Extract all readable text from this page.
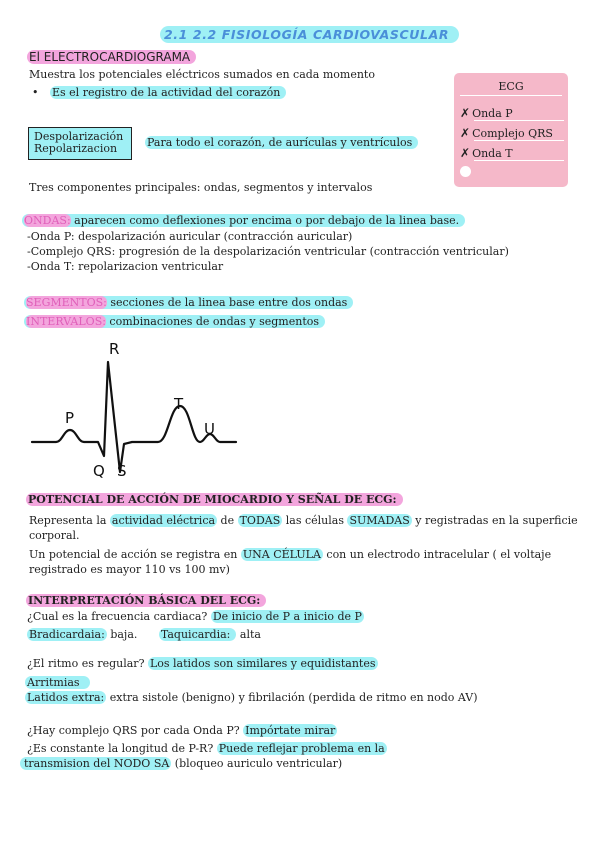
2.1 2.2 FISIOLOGÍA CARDIOVASCULAR
El ELECTROCARDIOGRAMA
Muestra los potenciales eléctricos sumados en cada momento
• Es el registro de la actividad del corazón	ECG
✗ Onda P
✗ Complejo QRS
✗ Onda T
Despolarización
Repolarizacion	Para todo el corazón, de aurículas y ventrículos
Tres componentes principales: ondas, segmentos y intervalos
ONDAS: aparecen como deflexiones por encima o por debajo de la linea base.
-Onda P: despolarización auricular (contracción auricular)
-Complejo QRS: progresión de la despolarización ventricular (contracción ventricular)
-Onda T: repolarizacion ventricular
SEGMENTOS: secciones de la linea base entre dos ondas
INTERVALOS: combinaciones de ondas y segmentos
R
P
T
U
Q S
POTENCIAL DE ACCIÓN DE MIOCARDIO Y SEÑAL DE ECG:
Representa la actividad eléctrica de TODAS las células SUMADAS y registradas en la superficie
corporal.
Un potencial de acción se registra en UNA CÉLULA con un electrodo intracelular ( el voltaje
registrado es mayor 110 vs 100 mv)
INTERPRETACIÓN BÁSICA DEL ECG:
¿Cual es la frecuencia cardiaca? De inicio de P a inicio de P
Bradicardaia: baja. Taquicardia: alta
¿El ritmo es regular? Los latidos son similares y equidistantes
Arritmias
Latidos extra: extra sistole (benigno) y fibrilación (perdida de ritmo en nodo AV)
¿Hay complejo QRS por cada Onda P? Impórtate mirar
¿Es constante la longitud de P-R? Puede reflejar problema en la
transmision del NODO SA (bloqueo auriculo ventricular)
